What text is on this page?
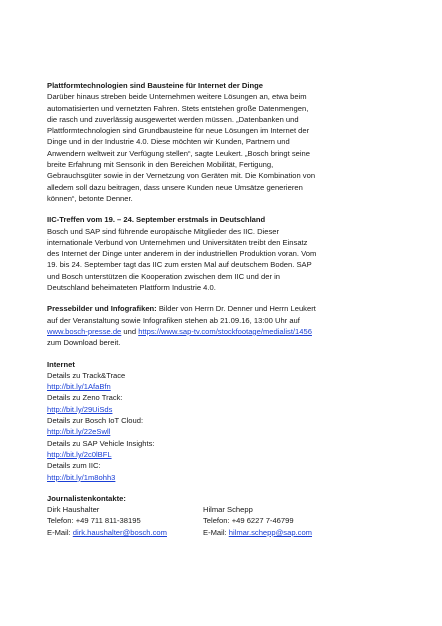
Plattformtechnologien sind Bausteine für Internet der Dinge
Darüber hinaus streben beide Unternehmen weitere Lösungen an, etwa beim
automatisierten und vernetzten Fahren. Stets entstehen große Datenmengen,
die rasch und zuverlässig ausgewertet werden müssen. „Datenbanken und
Plattformtechnologien sind Grundbausteine für neue Lösungen im Internet der
Dinge und in der Industrie 4.0. Diese möchten wir Kunden, Partnern und
Anwendern weltweit zur Verfügung stellen“, sagte Leukert. „Bosch bringt seine
breite Erfahrung mit Sensorik in den Bereichen Mobilität, Fertigung,
Gebrauchsgüter sowie in der Vernetzung von Geräten mit. Die Kombination von
alledem soll dazu beitragen, dass unsere Kunden neue Umsätze generieren
können“, betonte Denner.
IIC-Treffen vom 19. – 24. September erstmals in Deutschland
Bosch und SAP sind führende europäische Mitglieder des IIC. Dieser
internationale Verbund von Unternehmen und Universitäten treibt den Einsatz
des Internet der Dinge unter anderem in der industriellen Produktion voran. Vom
19. bis 24. September tagt das IIC zum ersten Mal auf deutschem Boden. SAP
und Bosch unterstützen die Kooperation zwischen dem IIC und der in
Deutschland beheimateten Plattform Industrie 4.0.
Pressebilder und Infografiken: Bilder von Herrn Dr. Denner und Herrn Leukert
auf der Veranstaltung sowie Infografiken stehen ab 21.09.16, 13:00 Uhr auf
www.bosch-presse.de und https://www.sap-tv.com/stockfootage/medialist/1456
zum Download bereit.
Internet
Details zu Track&Trace
http://bit.ly/1AfaBfn
Details zu Zeno Track:
http://bit.ly/29UiSds
Details zur Bosch IoT Cloud:
http://bit.ly/22eSwll
Details zu SAP Vehicle Insights:
http://bit.ly/2c0lBFL
Details zum IIC:
http://bit.ly/1m8ohh3
Journalistenkontakte:
Dirk Haushalter
Telefon: +49 711 811-38195
E-Mail: dirk.haushalter@bosch.com
Hilmar Schepp
Telefon: +49 6227 7-46799
E-Mail: hilmar.schepp@sap.com
